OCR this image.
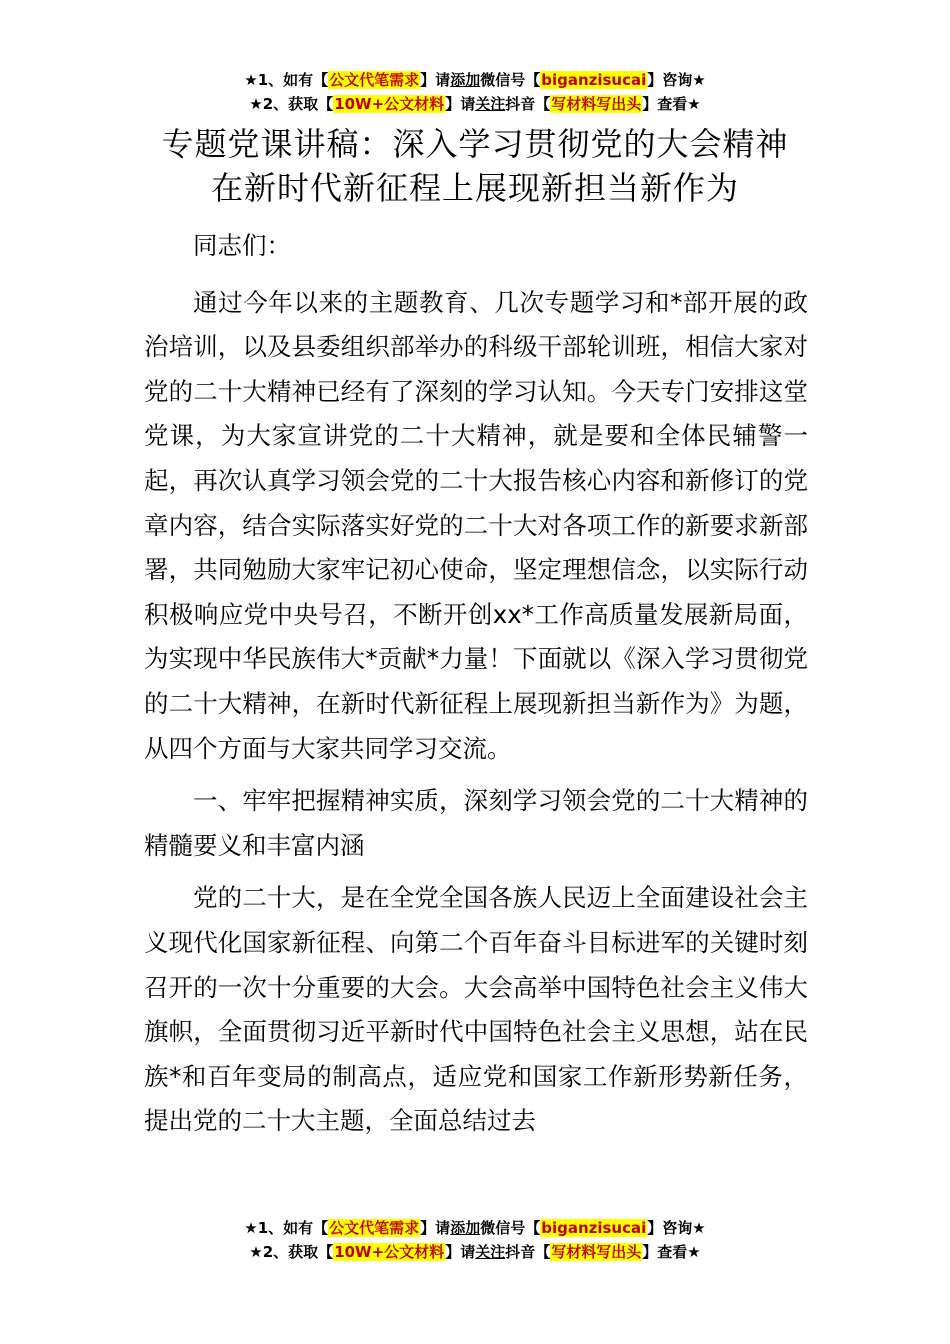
★1、如有【公文代笔需求】请添加微信号【biganzisucai】咨询★
★2、获取【10W+公文材料】请关注抖音【写材料写出头】查看★
专题党课讲稿：深入学习贯彻党的大会精神
在新时代新征程上展现新担当新作为

同志们：

通过今年以来的主题教育、几次专题学习和*部开展的政治培训，以及县委组织部举办的科级干部轮训班，相信大家对党的二十大精神已经有了深刻的学习认知。今天专门安排这堂党课，为大家宣讲党的二十大精神，就是要和全体民辅警一起，再次认真学习领会党的二十大报告核心内容和新修订的党章内容，结合实际落实好党的二十大对各项工作的新要求新部署，共同勉励大家牢记初心使命，坚定理想信念，以实际行动积极响应党中央号召，不断开创xx*工作高质量发展新局面，为实现中华民族伟大*贡献*力量！下面就以《深入学习贯彻党的二十大精神，在新时代新征程上展现新担当新作为》为题，从四个方面与大家共同学习交流。

一、牢牢把握精神实质，深刻学习领会党的二十大精神的精髓要义和丰富内涵

党的二十大，是在全党全国各族人民迈上全面建设社会主义现代化国家新征程、向第二个百年奋斗目标进军的关键时刻召开的一次十分重要的大会。大会高举中国特色社会主义伟大旗帜，全面贯彻习近平新时代中国特色社会主义思想，站在民族*和百年变局的制高点，适应党和国家工作新形势新任务，提出党的二十大主题，全面总结过去

★1、如有【公文代笔需求】请添加微信号【biganzisucai】咨询★
★2、获取【10W+公文材料】请关注抖音【写材料写出头】查看★
